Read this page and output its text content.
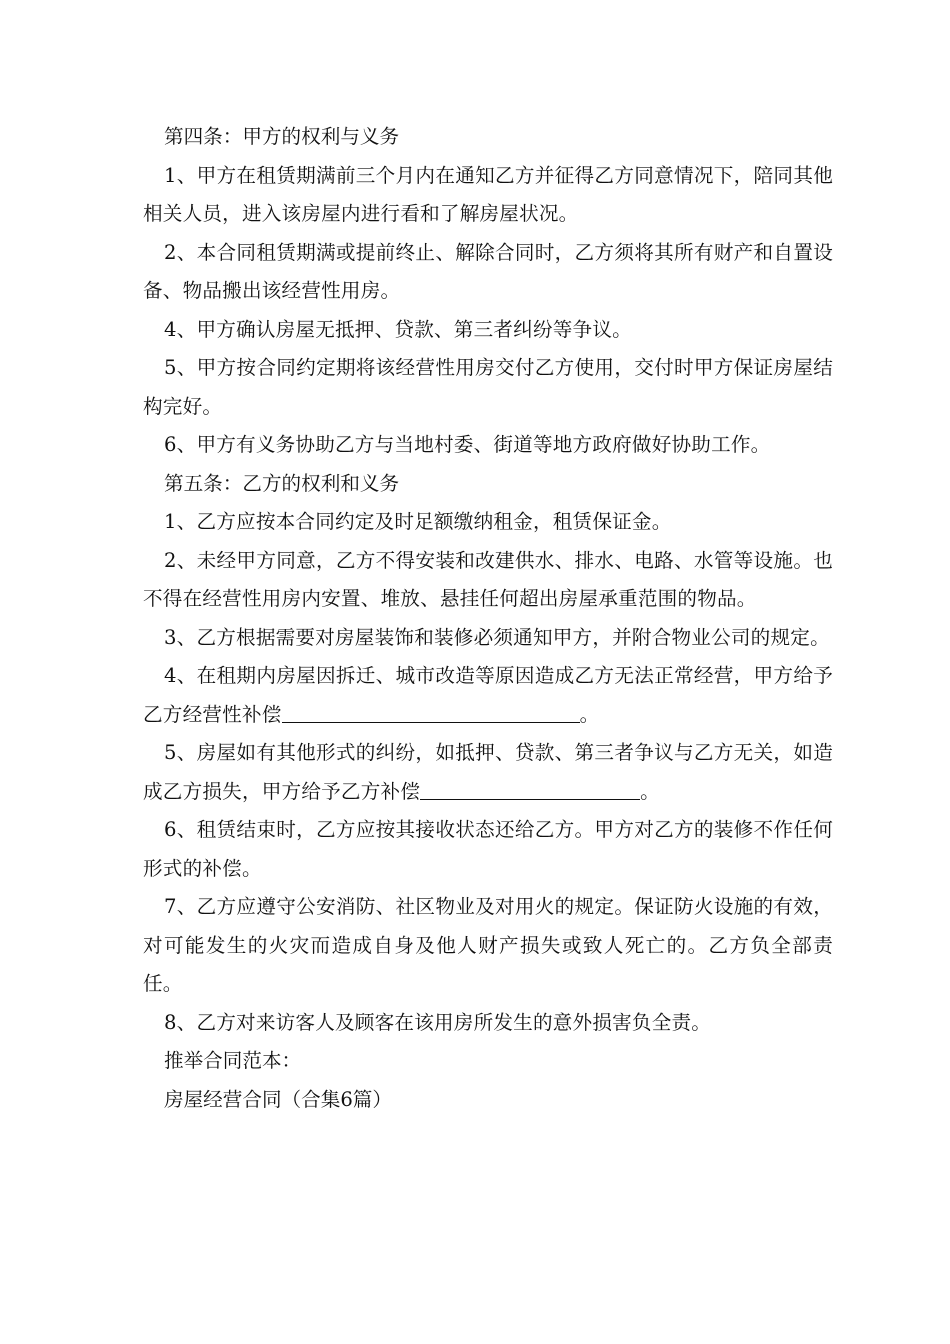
第四条：甲方的权利与义务

1、甲方在租赁期满前三个月内在通知乙方并征得乙方同意情况下，陪同其他相关人员，进入该房屋内进行看和了解房屋状况。

2、本合同租赁期满或提前终止、解除合同时，乙方须将其所有财产和自置设备、物品搬出该经营性用房。

4、甲方确认房屋无抵押、贷款、第三者纠纷等争议。

5、甲方按合同约定期将该经营性用房交付乙方使用，交付时甲方保证房屋结构完好。

6、甲方有义务协助乙方与当地村委、街道等地方政府做好协助工作。

第五条：乙方的权利和义务

1、乙方应按本合同约定及时足额缴纳租金，租赁保证金。

2、未经甲方同意，乙方不得安装和改建供水、排水、电路、水管等设施。也不得在经营性用房内安置、堆放、悬挂任何超出房屋承重范围的物品。

3、乙方根据需要对房屋装饰和装修必须通知甲方，并附合物业公司的规定。

4、在租期内房屋因拆迁、城市改造等原因造成乙方无法正常经营，甲方给予乙方经营性补偿	。

5、房屋如有其他形式的纠纷，如抵押、贷款、第三者争议与乙方无关，如造成乙方损失，甲方给予乙方补偿	。

6、租赁结束时，乙方应按其接收状态还给乙方。甲方对乙方的装修不作任何形式的补偿。

7、乙方应遵守公安消防、社区物业及对用火的规定。保证防火设施的有效，对可能发生的火灾而造成自身及他人财产损失或致人死亡的。乙方负全部责任。

8、乙方对来访客人及顾客在该用房所发生的意外损害负全责。

推举合同范本：

房屋经营合同（合集6篇）
